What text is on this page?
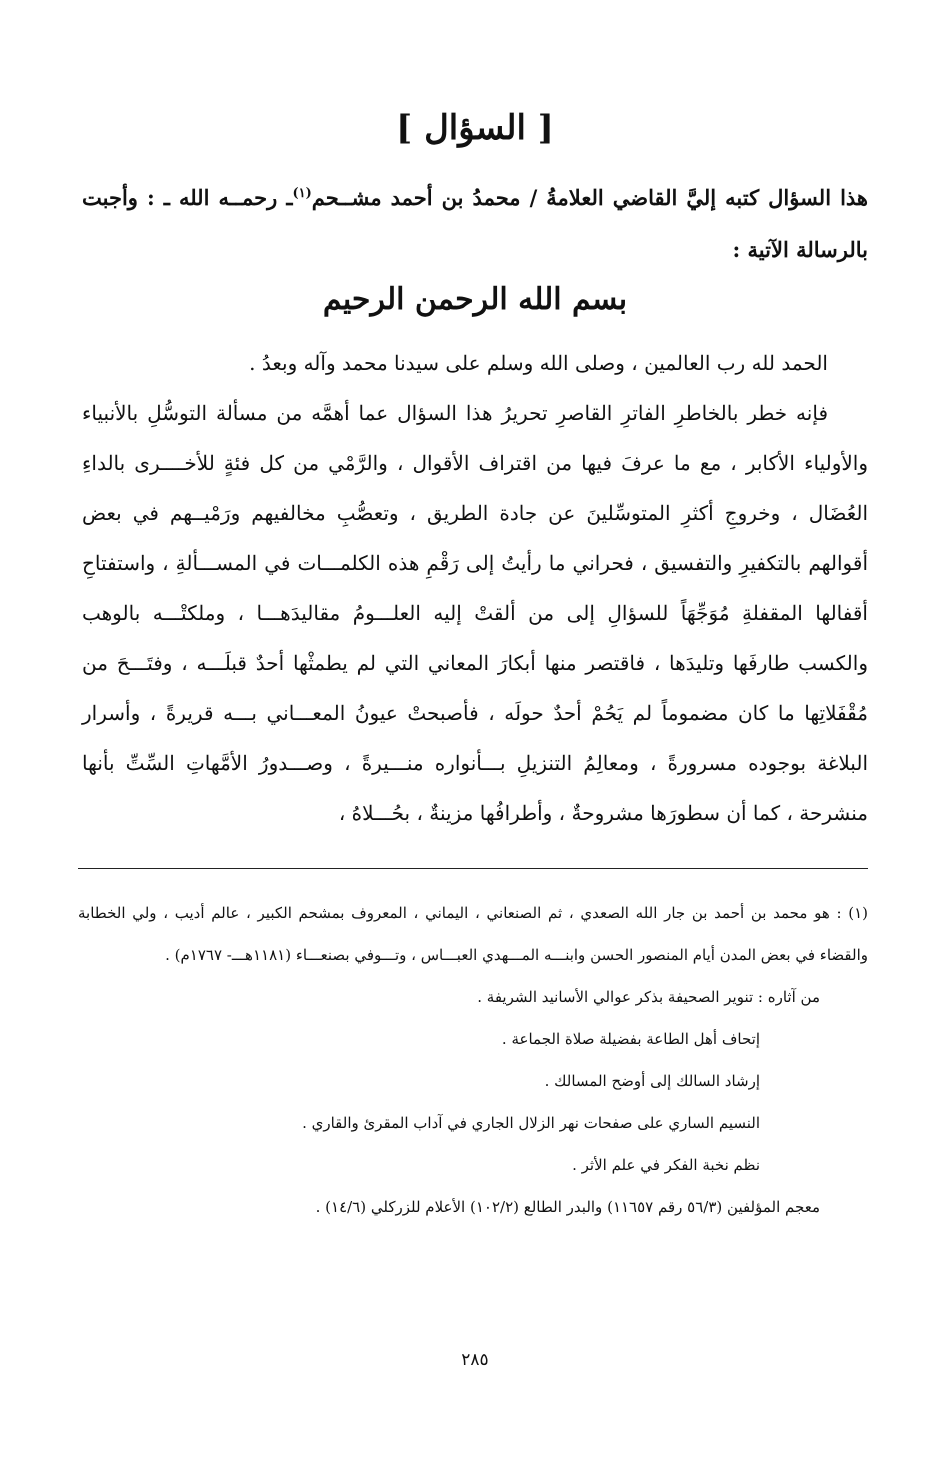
[ السؤال ]
هذا السؤال كتبه إليَّ القاضي العلامةُ / محمدُ بن أحمد مشــحم$^{(١)}$ـ رحمــه الله ـ : وأجبت بالرسالة الآتية :
بسم الله الرحمن الرحيم

الحمد لله رب العالمين ، وصلى الله وسلم على سيدنا محمد وآله وبعدُ .

فإنه خطر بالخاطرِ الفاترِ القاصرِ تحريرُ هذا السؤال عما أهمَّه من مسألة التوسُّلِ بالأنبياء والأولياء الأكابر ، مع ما عرفَ فيها من اقتراف الأقوال ، والرَّمْي من كل فئةٍ للأخــــرى بالداءِ العُضَال ، وخروجِ أكثرِ المتوسِّلينَ عن جادة الطريق ، وتعصُّبِ مخالفيهم ورَمْيــهم في بعض أقوالهم بالتكفيرِ والتفسيق ، فحراني ما رأيتُ إلى رَقْمِ هذه الكلمـــات في المســـألةِ ، واستفتاحِ أقفالها المقفلةِ مُوَجِّهَاً للسؤالِ إلى من ألقتْ إليه العلـــومُ مقاليدَهـــا ، وملكتْـــه بالوهب والكسب طارفَها وتليدَها ، فاقتصر منها أبكارَ المعاني التي لم يطمثْها أحدٌ قبلَـــه ، وفتَـــحَ من مُقْفَلاتِها ما كان مضموماً لم يَحُمْ أحدٌ حولَه ، فأصبحتْ عيونُ المعـــاني بـــه قريرةً ، وأسرار البلاغة بوجوده مسرورةً ، ومعالِمُ التنزيلِ بـــأنواره منـــيرةً ، وصـــدورُ الأمَّهاتِ السِّتِّ بأنها منشرحة ، كما أن سطورَها مشروحةٌ ، وأطرافُها مزينةٌ ، بحُـــلاهُ ،

(١) : هو محمد بن أحمد بن جار الله الصعدي ، ثم الصنعاني ، اليماني ، المعروف بمشحم الكبير ، عالم أديب ، ولي الخطابة والقضاء في بعض المدن أيام المنصور الحسن وابنـــه المـــهدي العبـــاس ، وتـــوفي بصنعـــاء (١١٨١هـــ- ١٧٦٧م) .
من آثاره : تنوير الصحيفة بذكر عوالي الأسانيد الشريفة .
إتحاف أهل الطاعة بفضيلة صلاة الجماعة .
إرشاد السالك إلى أوضح المسالك .
النسيم الساري على صفحات نهر الزلال الجاري في آداب المقرئ والقاري .
نظم نخبة الفكر في علم الأثر .
معجم المؤلفين (٥٦/٣ رقم ١١٦٥٧) والبدر الطالع (١٠٢/٢) الأعلام للزركلي (١٤/٦) .
٢٨٥
